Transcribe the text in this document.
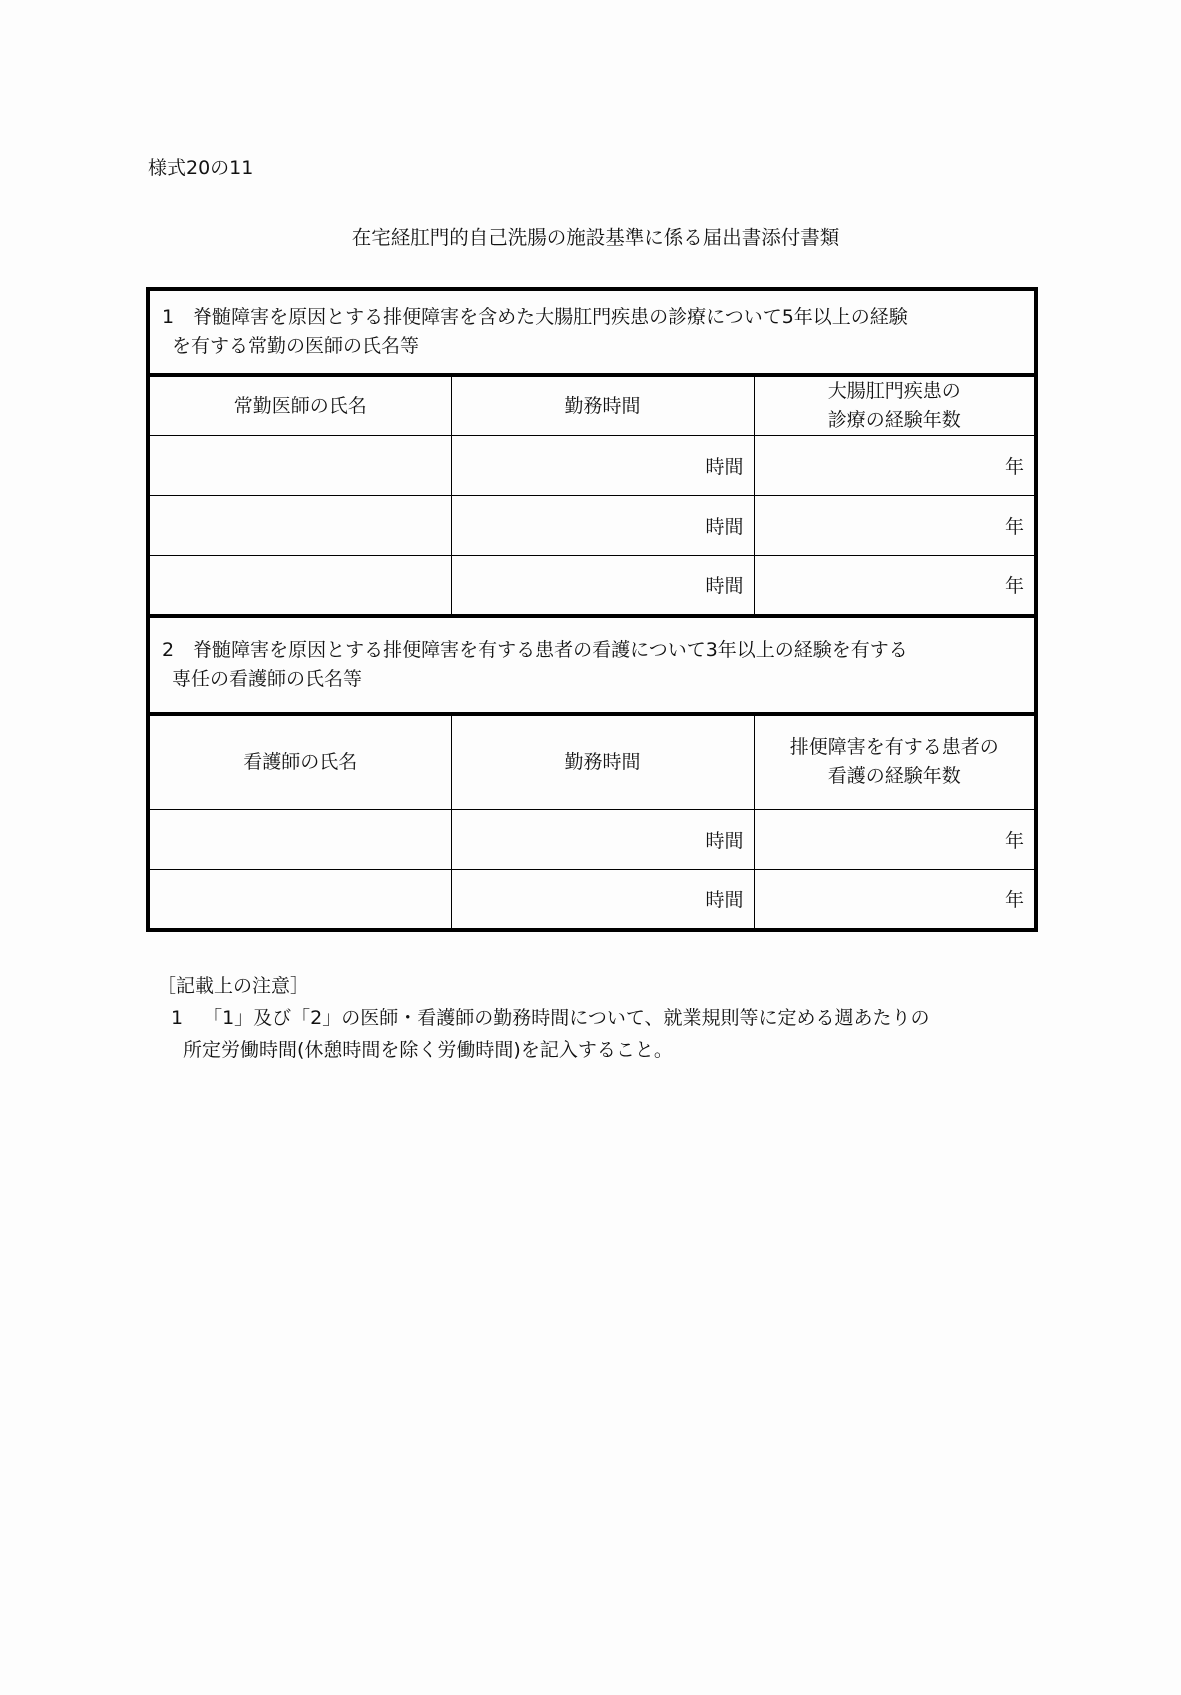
様式20の11
在宅経肛門的自己洗腸の施設基準に係る届出書添付書類
1　脊髄障害を原因とする排便障害を含めた大腸肛門疾患の診療について5年以上の経験

を有する常勤の医師の氏名等		

常勤医師の氏名	勤務時間	大腸肛門疾患の
診療の経験年数
	時間	年
	時間	年
	時間	年
2　脊髄障害を原因とする排便障害を有する患者の看護について3年以上の経験を有する

専任の看護師の氏名等		

看護師の氏名	勤務時間	排便障害を有する患者の
看護の経験年数
	時間	年
	時間	年
［記載上の注意］
1 「1」及び「2」の医師・看護師の勤務時間について、就業規則等に定める週あたりの
所定労働時間(休憩時間を除く労働時間)を記入すること。
